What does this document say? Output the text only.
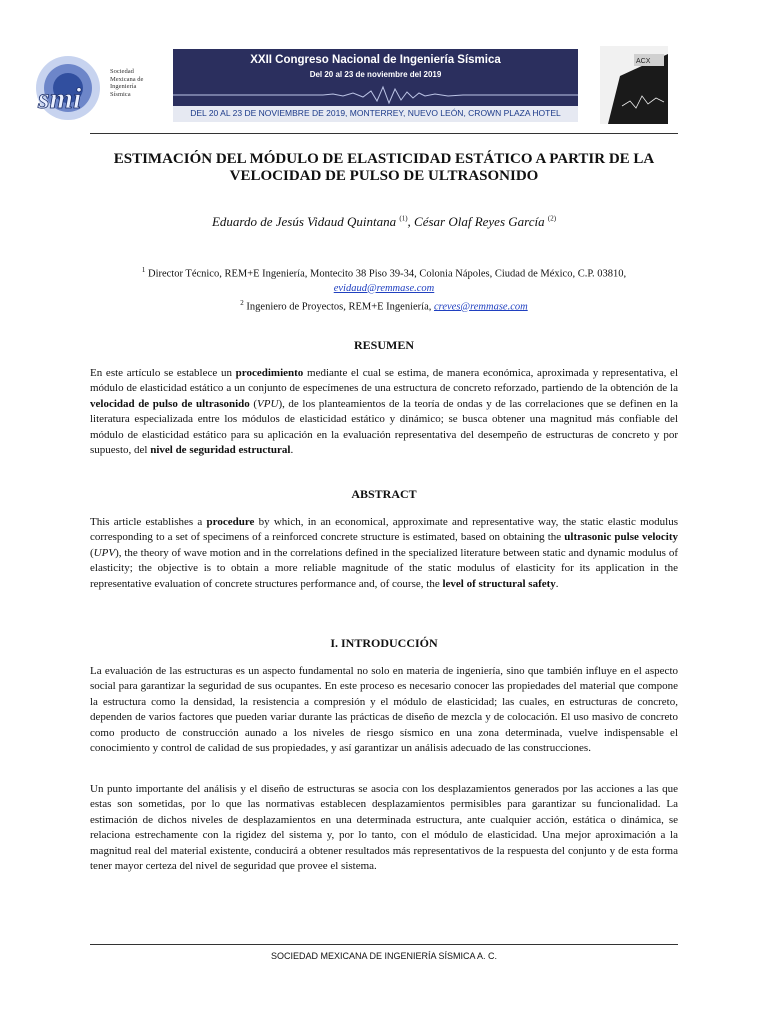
smi
Sociedad Mexicana de Ingeniería Sísmica
XXII Congreso Nacional de Ingeniería Sísmica
Del 20 al 23 de noviembre del 2019
DEL 20 AL 23 DE NOVIEMBRE DE 2019, MONTERREY, NUEVO LEÓN, CROWN PLAZA HOTEL
ACX
ESTIMACIÓN DEL MÓDULO DE ELASTICIDAD ESTÁTICO A PARTIR DE LA
VELOCIDAD DE PULSO DE ULTRASONIDO
Eduardo de Jesús Vidaud Quintana $^{(1)}$, César Olaf Reyes García $^{(2)}$
$^1$ Director Técnico, REM+E Ingeniería, Montecito 38 Piso 39-34, Colonia Nápoles, Ciudad de México, C.P. 03810,
evidaud@remmase.com
$^2$ Ingeniero de Proyectos, REM+E Ingeniería, creves@remmase.com
RESUMEN
En este artículo se establece un procedimiento mediante el cual se estima, de manera económica, aproximada y representativa, el módulo de elasticidad estático a un conjunto de especímenes de una estructura de concreto reforzado, partiendo de la obtención de la velocidad de pulso de ultrasonido (VPU), de los planteamientos de la teoría de ondas y de las correlaciones que se definen en la literatura especializada entre los módulos de elasticidad estático y dinámico; se busca obtener una magnitud más confiable del módulo de elasticidad estático para su aplicación en la evaluación representativa del desempeño de estructuras de concreto y por supuesto, del nivel de seguridad estructural.
ABSTRACT
This article establishes a procedure by which, in an economical, approximate and representative way, the static elastic modulus corresponding to a set of specimens of a reinforced concrete structure is estimated, based on obtaining the ultrasonic pulse velocity (UPV), the theory of wave motion and in the correlations defined in the specialized literature between static and dynamic modulus of elasticity; the objective is to obtain a more reliable magnitude of the static modulus of elasticity for its application in the representative evaluation of concrete structures performance and, of course, the level of structural safety.
I. INTRODUCCIÓN
La evaluación de las estructuras es un aspecto fundamental no solo en materia de ingeniería, sino que también influye en el aspecto social para garantizar la seguridad de sus ocupantes. En este proceso es necesario conocer las propiedades del material que compone la estructura como la densidad, la resistencia a compresión y el módulo de elasticidad; las cuales, en estructuras de concreto, dependen de varios factores que pueden variar durante las prácticas de diseño de mezcla y de colocación. El uso masivo de concreto como producto de construcción aunado a los niveles de riesgo sísmico en una zona determinada, vuelve indispensable el conocimiento y control de calidad de sus propiedades, y así garantizar un análisis adecuado de las construcciones.
Un punto importante del análisis y el diseño de estructuras se asocia con los desplazamientos generados por las acciones a las que estas son sometidas, por lo que las normativas establecen desplazamientos permisibles para garantizar su funcionalidad. La estimación de dichos niveles de desplazamientos en una determinada estructura, ante cualquier acción, estática o dinámica, se relaciona estrechamente con la rigidez del sistema y, por lo tanto, con el módulo de elasticidad. Una mejor aproximación a la magnitud real del material existente, conducirá a obtener resultados más representativos de la respuesta del conjunto y de esta forma tener mayor certeza del nivel de seguridad que provee el sistema.
SOCIEDAD MEXICANA DE INGENIERÍA SÍSMICA A. C.
